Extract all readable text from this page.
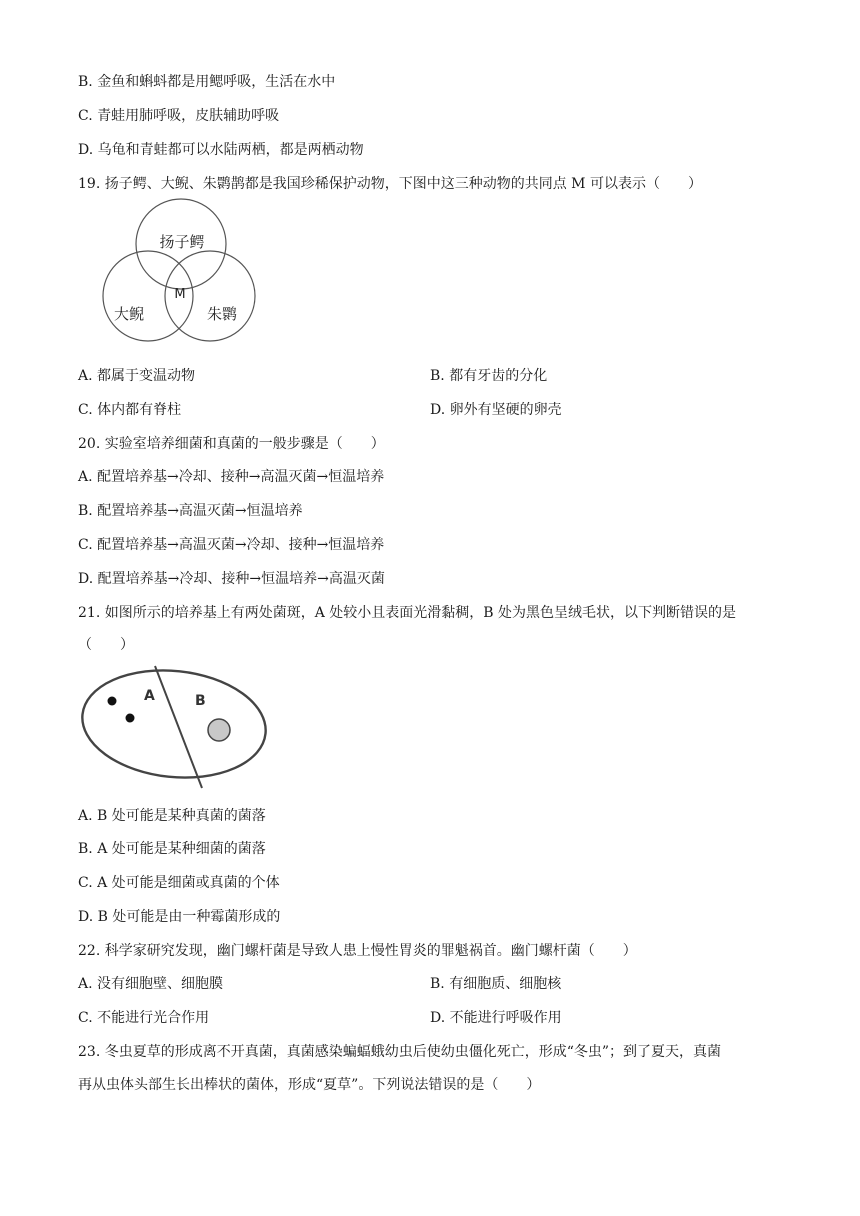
B. 金鱼和蝌蚪都是用鳃呼吸，生活在水中
C. 青蛙用肺呼吸，皮肤辅助呼吸
D. 乌龟和青蛙都可以水陆两栖，都是两栖动物
19. 扬子鳄、大鲵、朱鹮鹊都是我国珍稀保护动物，下图中这三种动物的共同点 M 可以表示（　　）
扬子鳄
大鲵	朱鹮
M
A. 都属于变温动物	B. 都有牙齿的分化
C. 体内都有脊柱	D. 卵外有坚硬的卵壳
20. 实验室培养细菌和真菌的一般步骤是（　　）
A. 配置培养基→冷却、接种→高温灭菌→恒温培养
B. 配置培养基→高温灭菌→恒温培养
C. 配置培养基→高温灭菌→冷却、接种→恒温培养
D. 配置培养基→冷却、接种→恒温培养→高温灭菌
21. 如图所示的培养基上有两处菌斑，A 处较小且表面光滑黏稠，B 处为黑色呈绒毛状，以下判断错误的是
（　　）
A	B
A. B 处可能是某种真菌的菌落
B. A 处可能是某种细菌的菌落
C. A 处可能是细菌或真菌的个体
D. B 处可能是由一种霉菌形成的
22. 科学家研究发现，幽门螺杆菌是导致人患上慢性胃炎的罪魁祸首。幽门螺杆菌（　　）
A. 没有细胞壁、细胞膜	B. 有细胞质、细胞核
C. 不能进行光合作用	D. 不能进行呼吸作用
23. 冬虫夏草的形成离不开真菌，真菌感染蝙蝠蛾幼虫后使幼虫僵化死亡，形成“冬虫”；到了夏天，真菌
再从虫体头部生长出棒状的菌体，形成“夏草”。下列说法错误的是（　　）
